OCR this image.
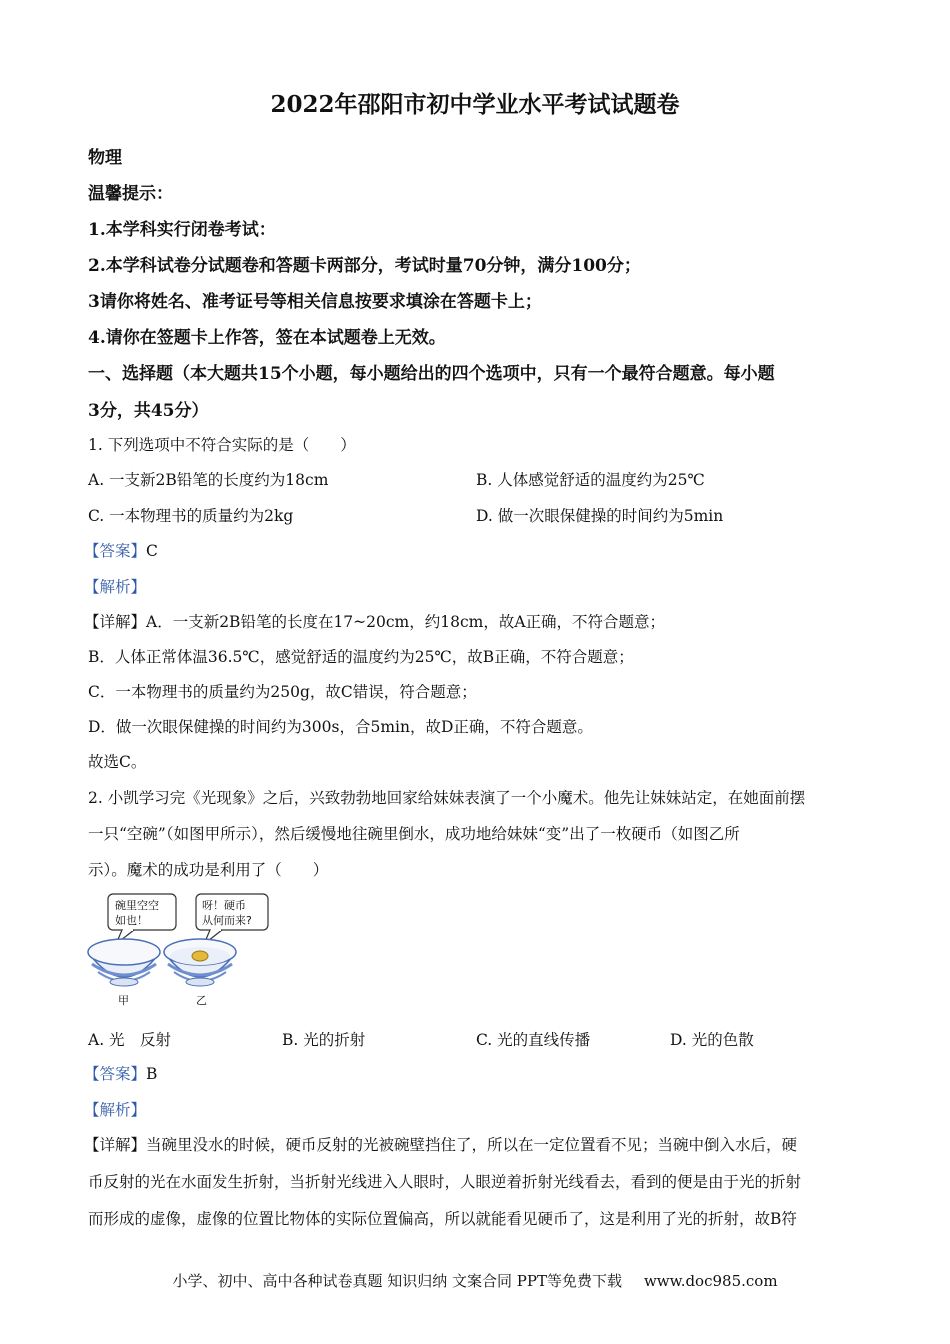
2022年邵阳市初中学业水平考试试题卷
物理
温馨提示：
1.本学科实行闭卷考试：
2.本学科试卷分试题卷和答题卡两部分，考试时量70分钟，满分100分；
3请你将姓名、准考证号等相关信息按要求填涂在答题卡上；
4.请你在签题卡上作答，签在本试题卷上无效。
一、选择题（本大题共15个小题，每小题给出的四个选项中，只有一个最符合题意。每小题
3分，共45分）
1. 下列选项中不符合实际的是（　　）
A. 一支新2B铅笔的长度约为18cm	B. 人体感觉舒适的温度约为25℃
C. 一本物理书的质量约为2kg	D. 做一次眼保健操的时间约为5min
【答案】C
【解析】
【详解】A．一支新2B铅笔的长度在17~20cm，约18cm，故A正确，不符合题意；
B．人体正常体温36.5℃，感觉舒适的温度约为25℃，故B正确，不符合题意；
C．一本物理书的质量约为250g，故C错误，符合题意；
D．做一次眼保健操的时间约为300s，合5min，故D正确，不符合题意。
故选C。
2. 小凯学习完《光现象》之后，兴致勃勃地回家给妹妹表演了一个小魔术。他先让妹妹站定，在她面前摆
一只“空碗”（如图甲所示），然后缓慢地往碗里倒水，成功地给妹妹“变”出了一枚硬币（如图乙所
示）。魔术的成功是利用了（　　）
碗里空空
如也！
呀！硬币
从何而来?
甲	乙
A. 光　反射	B. 光的折射	C. 光的直线传播	D. 光的色散
【答案】B
【解析】
【详解】当碗里没水的时候，硬币反射的光被碗壁挡住了，所以在一定位置看不见；当碗中倒入水后，硬
币反射的光在水面发生折射，当折射光线进入人眼时，人眼逆着折射光线看去，看到的便是由于光的折射
而形成的虚像，虚像的位置比物体的实际位置偏高，所以就能看见硬币了，这是利用了光的折射，故B符
小学、初中、高中各种试卷真题 知识归纳 文案合同 PPT等免费下载 www.doc985.com
